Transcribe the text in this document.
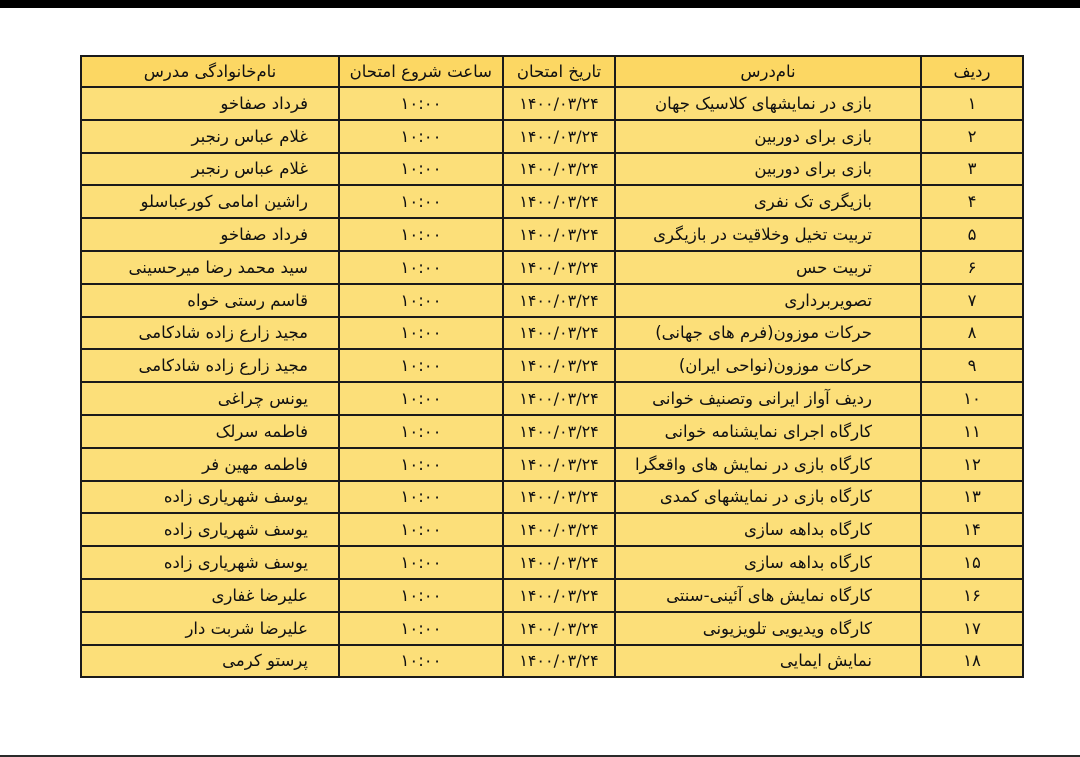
ردیف	نام‌درس	تاریخ امتحان	ساعت شروع امتحان	نام‌خانوادگی مدرس
۱	بازی در نمایشهای کلاسیک جهان	۱۴۰۰/۰۳/۲۴	۱۰:۰۰	فرداد صفاخو
۲	بازی برای دوربین	۱۴۰۰/۰۳/۲۴	۱۰:۰۰	غلام عباس رنجبر
۳	بازی برای دوربین	۱۴۰۰/۰۳/۲۴	۱۰:۰۰	غلام عباس رنجبر
۴	بازیگری تک نفری	۱۴۰۰/۰۳/۲۴	۱۰:۰۰	راشین امامی کورعباسلو
۵	تربیت تخیل وخلاقیت در بازیگری	۱۴۰۰/۰۳/۲۴	۱۰:۰۰	فرداد صفاخو
۶	تربیت حس	۱۴۰۰/۰۳/۲۴	۱۰:۰۰	سید محمد رضا میرحسینی
۷	تصویربرداری	۱۴۰۰/۰۳/۲۴	۱۰:۰۰	قاسم رستی خواه
۸	حرکات موزون(فرم های جهانی)	۱۴۰۰/۰۳/۲۴	۱۰:۰۰	مجید زارع زاده شادکامی
۹	حرکات موزون(نواحی ایران)	۱۴۰۰/۰۳/۲۴	۱۰:۰۰	مجید زارع زاده شادکامی
۱۰	ردیف آواز ایرانی وتصنیف خوانی	۱۴۰۰/۰۳/۲۴	۱۰:۰۰	یونس چراغی
۱۱	کارگاه اجرای نمایشنامه خوانی	۱۴۰۰/۰۳/۲۴	۱۰:۰۰	فاطمه سرلک
۱۲	کارگاه بازی در نمایش های واقعگرا	۱۴۰۰/۰۳/۲۴	۱۰:۰۰	فاطمه مهین فر
۱۳	کارگاه بازی در نمایشهای کمدی	۱۴۰۰/۰۳/۲۴	۱۰:۰۰	یوسف شهریاری زاده
۱۴	کارگاه بداهه سازی	۱۴۰۰/۰۳/۲۴	۱۰:۰۰	یوسف شهریاری زاده
۱۵	کارگاه بداهه سازی	۱۴۰۰/۰۳/۲۴	۱۰:۰۰	یوسف شهریاری زاده
۱۶	کارگاه نمایش های آئینی-سنتی	۱۴۰۰/۰۳/۲۴	۱۰:۰۰	علیرضا غفاری
۱۷	کارگاه ویدیویی تلویزیونی	۱۴۰۰/۰۳/۲۴	۱۰:۰۰	علیرضا شربت دار
۱۸	نمایش ایمایی	۱۴۰۰/۰۳/۲۴	۱۰:۰۰	پرستو کرمی
